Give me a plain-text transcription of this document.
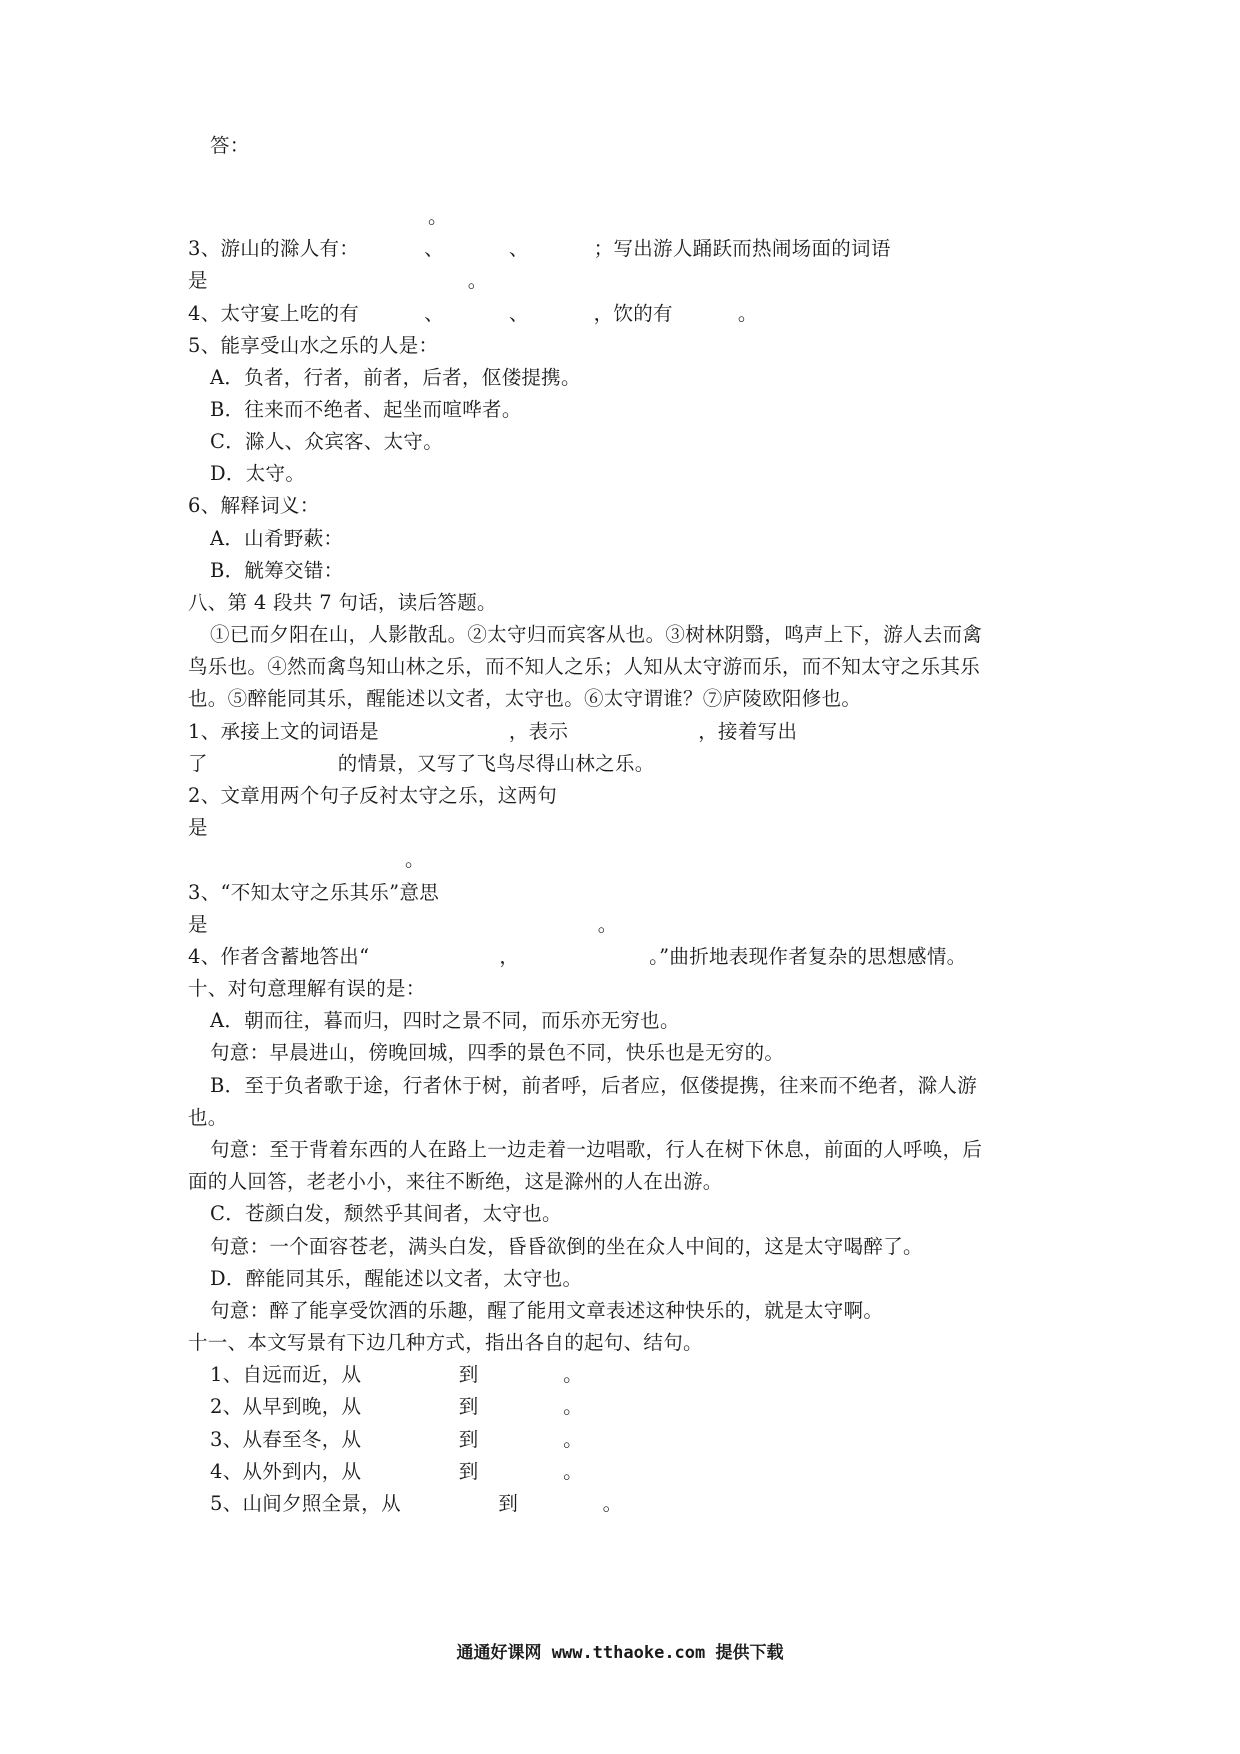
答：
。
3、游山的滁人有：          、          、          ；写出游人踊跃而热闹场面的词语
是                                        。
4、太守宴上吃的有          、          、          ，饮的有          。
5、能享受山水之乐的人是：
A．负者，行者，前者，后者，伛偻提携。
B．往来而不绝者、起坐而喧哗者。
C．滁人、众宾客、太守。
D．太守。
6、解释词义：
A．山肴野蔌：
B．觥筹交错：
八、第 4 段共 7 句话，读后答题。
①已而夕阳在山，人影散乱。②太守归而宾客从也。③树林阴翳，鸣声上下，游人去而禽
鸟乐也。④然而禽鸟知山林之乐，而不知人之乐；人知从太守游而乐，而不知太守之乐其乐
也。⑤醉能同其乐，醒能述以文者，太守也。⑥太守谓谁？⑦庐陵欧阳修也。
1、承接上文的词语是                    ，表示                    ，接着写出
了                    的情景，又写了飞鸟尽得山林之乐。
2、文章用两个句子反衬太守之乐，这两句
是
。
3、“不知太守之乐其乐”意思
是                                                            。
4、作者含蓄地答出“                    ，                    。”曲折地表现作者复杂的思想感情。
十、对句意理解有误的是：
A．朝而往，暮而归，四时之景不同，而乐亦无穷也。
句意：早晨进山，傍晚回城，四季的景色不同，快乐也是无穷的。
B．至于负者歌于途，行者休于树，前者呼，后者应，伛偻提携，往来而不绝者，滁人游
也。
句意：至于背着东西的人在路上一边走着一边唱歌，行人在树下休息，前面的人呼唤，后
面的人回答，老老小小，来往不断绝，这是滁州的人在出游。
C．苍颜白发，颓然乎其间者，太守也。
句意：一个面容苍老，满头白发，昏昏欲倒的坐在众人中间的，这是太守喝醉了。
D．醉能同其乐，醒能述以文者，太守也。
句意：醉了能享受饮酒的乐趣，醒了能用文章表述这种快乐的，就是太守啊。
十一、本文写景有下边几种方式，指出各自的起句、结句。
1、自远而近，从               到             。
2、从早到晚，从               到             。
3、从春至冬，从               到             。
4、从外到内，从               到             。
5、山间夕照全景，从               到             。
通通好课网 www.tthaoke.com 提供下载
